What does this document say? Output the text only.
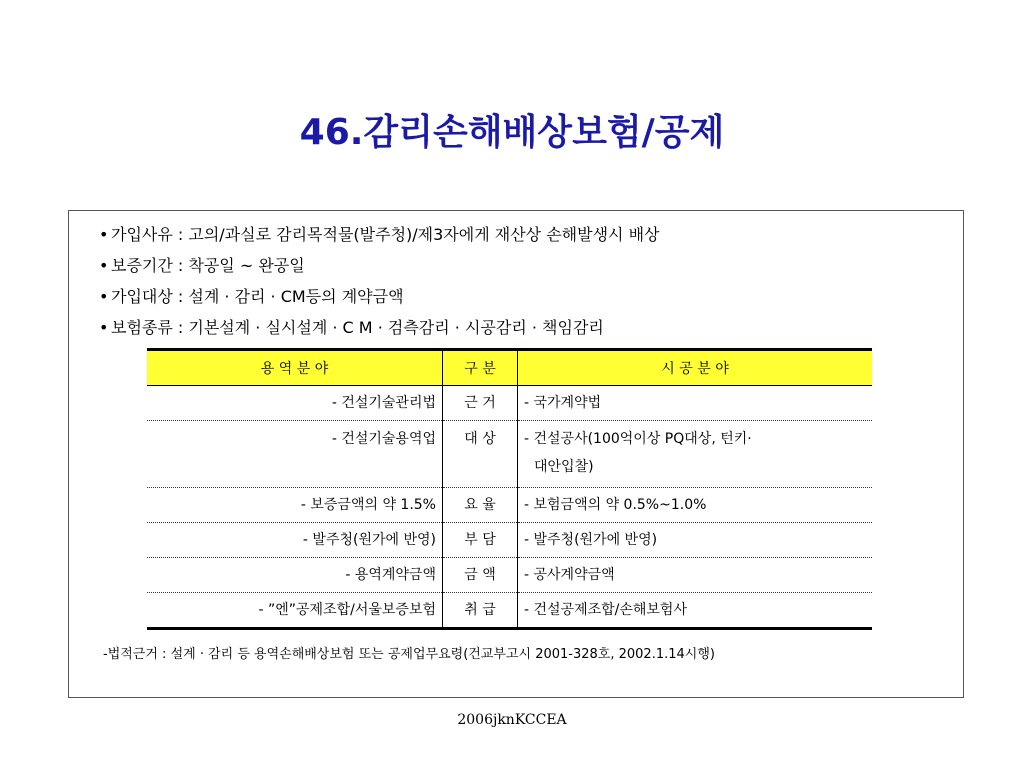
46.감리손해배상보험/공제
• 가입사유 : 고의/과실로 감리목적물(발주청)/제3자에게 재산상 손해발생시 배상
• 보증기간 : 착공일 ~ 완공일
• 가입대상 : 설계 · 감리 · CM등의 계약금액
• 보험종류 : 기본설계 · 실시설계 · C M · 검측감리 · 시공감리 · 책임감리
용 역 분 야	구 분	시 공 분 야
- 건설기술관리법	근 거	- 국가계약법
- 건설기술용역업	대 상	- 건설공사(100억이상 PQ대상, 턴키·
대안입찰)

- 보증금액의 약 1.5%	요 율	- 보험금액의 약 0.5%~1.0%
- 발주청(원가에 반영)	부 담	- 발주청(원가에 반영)
- 용역계약금액	금 액	- 공사계약금액
- ”엔”공제조합/서울보증보험	취 급	- 건설공제조합/손해보험사
-법적근거 : 설계 · 감리 등 용역손해배상보험 또는 공제업무요령(건교부고시 2001-328호, 2002.1.14시행)
2006jknKCCEA
